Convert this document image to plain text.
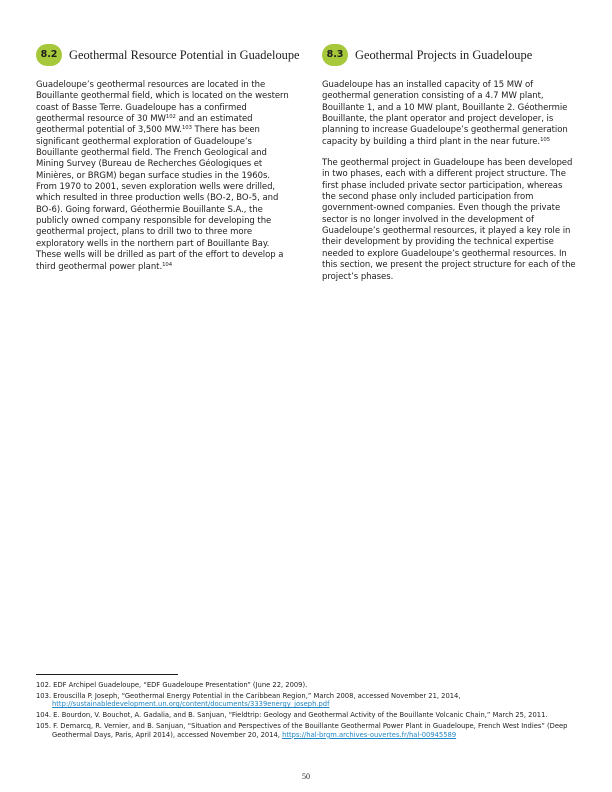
8.2 Geothermal Resource Potential in Guadeloupe

Guadeloupe’s geothermal resources are located in the Bouillante geothermal field, which is located on the western coast of Basse Terre. Guadeloupe has a confirmed geothermal resource of 30 MW$^{102}$ and an estimated geothermal potential of 3,500 MW.$^{103}$ There has been significant geothermal exploration of Guadeloupe’s Bouillante geothermal field. The French Geological and Mining Survey (Bureau de Recherches Géologiques et Minières, or BRGM) began surface studies in the 1960s. From 1970 to 2001, seven exploration wells were drilled, which resulted in three production wells (BO-2, BO-5, and BO-6). Going forward, Géothermie Bouillante S.A., the publicly owned company responsible for developing the geothermal project, plans to drill two to three more exploratory wells in the northern part of Bouillante Bay. These wells will be drilled as part of the effort to develop a third geothermal power plant.$^{104}$

8.3 Geothermal Projects in Guadeloupe

Guadeloupe has an installed capacity of 15 MW of geothermal generation consisting of a 4.7 MW plant, Bouillante 1, and a 10 MW plant, Bouillante 2. Géothermie Bouillante, the plant operator and project developer, is planning to increase Guadeloupe’s geothermal generation capacity by building a third plant in the near future.$^{105}$

The geothermal project in Guadeloupe has been developed in two phases, each with a different project structure. The first phase included private sector participation, whereas the second phase only included participation from government-owned companies. Even though the private sector is no longer involved in the development of Guadeloupe’s geothermal resources, it played a key role in their development by providing the technical expertise needed to explore Guadeloupe’s geothermal resources. In this section, we present the project structure for each of the project’s phases.

102. EDF Archipel Guadeloupe, “EDF Guadeloupe Presentation” (June 22, 2009).

103. Erouscilla P. Joseph, “Geothermal Energy Potential in the Caribbean Region,” March 2008, accessed November 21, 2014, http://sustainabledevelopment.un.org/content/documents/3339energy_joseph.pdf

104. E. Bourdon, V. Bouchot, A. Gadalia, and B. Sanjuan, “Fieldtrip: Geology and Geothermal Activity of the Bouillante Volcanic Chain,” March 25, 2011.

105. F. Demarcq, R. Vernier, and B. Sanjuan, “Situation and Perspectives of the Bouillante Geothermal Power Plant in Guadeloupe, French West Indies” (Deep Geothermal Days, Paris, April 2014), accessed November 20, 2014, https://hal-brgm.archives-ouvertes.fr/hal-00945589

50
